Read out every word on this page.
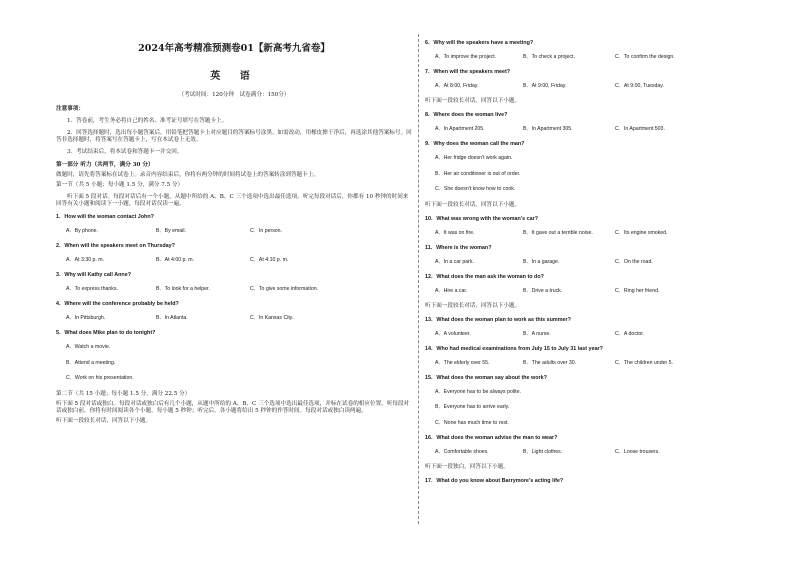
2024年高考精准预测卷01【新高考九省卷】
英 语
（考试时间：120分钟　试卷满分：150分）
注意事项：
1．答卷前，考生务必将自己的姓名、准考证号填写在答题卡上。
2．回答选择题时，选出每小题答案后，用铅笔把答题卡上对应题目的答案标号涂黑。如需改动，用橡皮擦干净后，再选涂其他答案标号。回答非选择题时，将答案写在答题卡上，写在本试卷上无效。
3．考试结束后，将本试卷和答题卡一并交回。
第一部分 听力（共两节，满分 30 分）
做题时，请先将答案标在试卷上。录音内容结束后，你将有两分钟的时间将试卷上的答案转涂到答题卡上。
第一节（共 5 小题；每小题 1.5 分，满分 7.5 分）
听下面 5 段对话。每段对话后有一个小题，从题中所给的 A、B、C 三个选项中选出最佳选项。听完每段对话后，你都有 10 秒钟的时间来回答有关小题和阅读下一小题。每段对话仅读一遍。
1．How will the woman contact John?
A．By phone.	B．By email.	C．In person.
2．When will the speakers meet on Thursday?
A．At 3:30 p. m.	B．At 4:00 p. m.	C．At 4:10 p. m.
3．Why will Kathy call Anne?
A．To express thanks.	B．To look for a helper.	C．To give some information.
4．Where will the conference probably be held?
A．In Pittsburgh.	B．In Atlanta.	C．In Kansas City.
5．What does Mike plan to do tonight?
A．Watch a movie.
B．Attend a meeting.
C．Work on his presentation.
第二节（共 15 小题；每小题 1.5 分，满分 22.5 分）
听下面 5 段对话或独白。每段对话或独白后有几个小题，从题中所给的 A、B、C 三个选项中选出最佳选项，并标在试卷的相应位置。听每段对话或独白前，你将有时间阅读各个小题，每小题 5 秒钟；听完后，各小题将给出 5 秒钟的作答时间。每段对话或独白读两遍。
听下面一段较长对话，回答以下小题。
6．Why will the speakers have a meeting?
A．To improve the project.	B．To check a project.	C．To confirm the design.
7．When will the speakers meet?
A．At 8:00, Friday.	B．At 9:00, Friday.	C．At 9:00, Tuesday.
听下面一段较长对话，回答以下小题。
8．Where does the woman live?
A．In Apartment 205.	B．In Apartment 305.	C．In Apartment 503.
9．Why does the woman call the man?
A．Her fridge doesn't work again.
B．Her air conditioner is out of order.
C．She doesn't know how to cook.
听下面一段较长对话，回答以下小题。
10．What was wrong with the woman's car?
A．It was on fire.	B．It gave out a terrible noise.	C．Its engine smoked.
11．Where is the woman?
A．In a car park.	B．In a garage.	C．On the road.
12．What does the man ask the woman to do?
A．Hire a car.	B．Drive a truck.	C．Ring her friend.
听下面一段较长对话，回答以下小题。
13．What does the woman plan to work as this summer?
A．A volunteer.	B．A nurse.	C．A doctor.
14．Who had medical examinations from July 15 to July 31 last year?
A．The elderly over 55.	B．The adults over 30.	C．The children under 5.
15．What does the woman say about the work?
A．Everyone has to be always polite.
B．Everyone has to arrive early.
C．None has much time to rest.
16．What does the woman advise the man to wear?
A．Comfortable shoes.	B．Light clothes.	C．Loose trousers.
听下面一段独白，回答以下小题。
17．What do you know about Barrymore's acting life?
